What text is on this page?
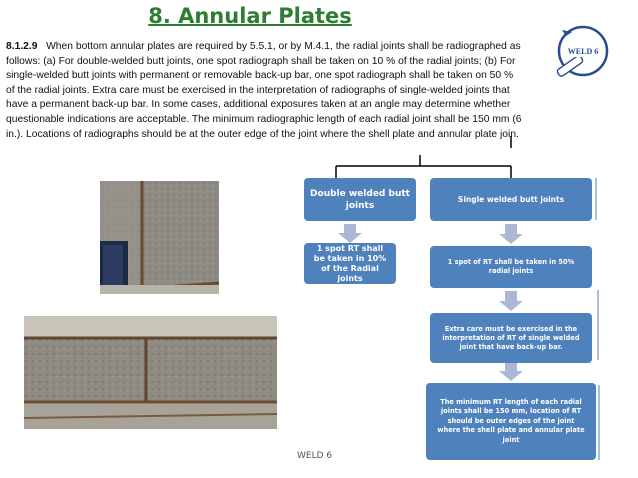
8. Annular Plates
WELD 6
8.1.2.9 When bottom annular plates are required by 5.5.1, or by M.4.1, the radial joints shall be radiographed as follows: (a) For double-welded butt joints, one spot radiograph shall be taken on 10 % of the radial joints; (b) For single-welded butt joints with permanent or removable back-up bar, one spot radiograph shall be taken on 50 % of the radial joints. Extra care must be exercised in the interpretation of radiographs of single-welded joints that have a permanent back-up bar. In some cases, additional exposures taken at an angle may determine whether questionable indications are acceptable. The minimum radiographic length of each radial joint shall be 150 mm (6 in.). Locations of radiographs should be at the outer edge of the joint where the shell plate and annular plate join.
Double welded butt joints
Single welded butt joints
1 spot RT shall be taken in 10% of the Radial joints
1 spot of RT shall be taken in 50% radial joints
Extra care must be exercised in the interpretation of RT of single welded joint that have back-up bar.
The minimum RT length of each radial joints shall be 150 mm, location of RT should be outer edges of the joint where the shell plate and annular plate joint
WELD 6
